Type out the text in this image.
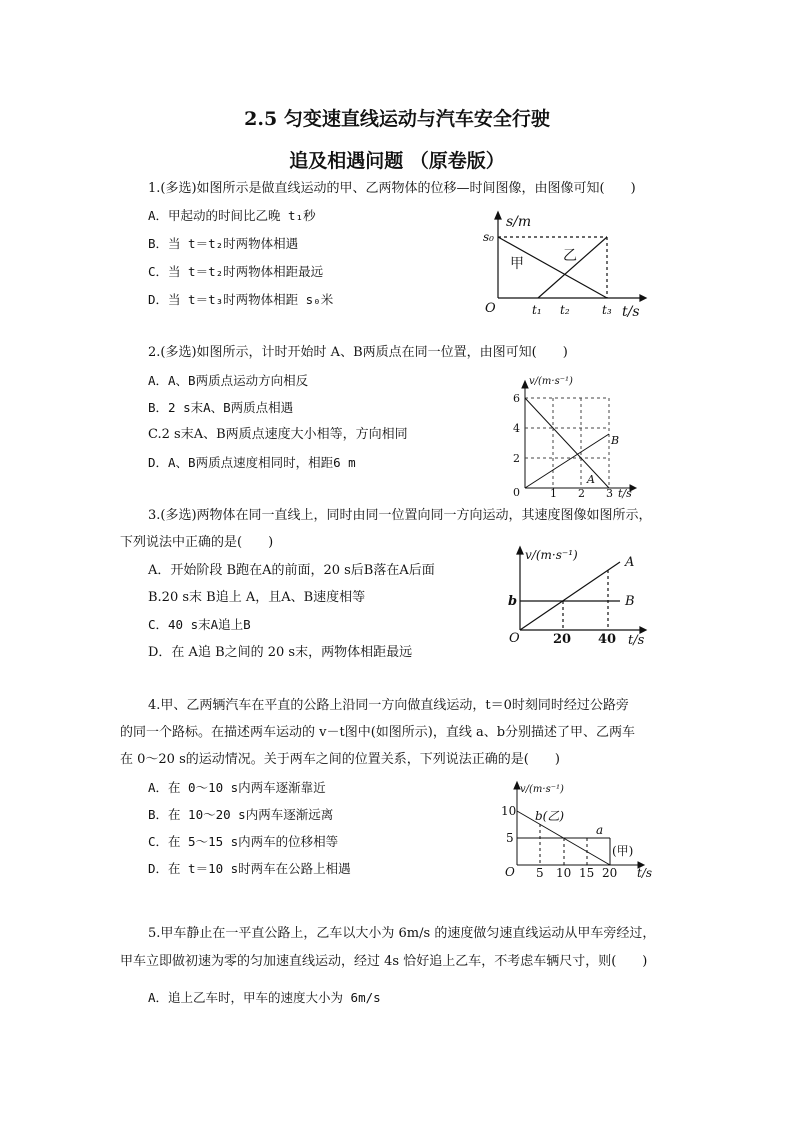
2.5 匀变速直线运动与汽车安全行驶
追及相遇问题 （原卷版）
1.(多选)如图所示是做直线运动的甲、乙两物体的位移—时间图像，由图像可知(　　)
A．甲起动的时间比乙晚 t₁秒
B．当 t＝t₂时两物体相遇
C．当 t＝t₂时两物体相距最远
D．当 t＝t₃时两物体相距 s₀米
s/m
s₀
O	t₁ t₂	t₃ t/s
甲	乙
2.(多选)如图所示，计时开始时 A、B两质点在同一位置，由图可知(　　)
A．A、B两质点运动方向相反
B．2 s末A、B两质点相遇
C.2 s末A、B两质点速度大小相等，方向相同
D．A、B两质点速度相同时，相距6 m
v/(m·s⁻¹)
6
4
2
0	1 2 3 t/s
A
B
3.(多选)两物体在同一直线上，同时由同一位置向同一方向运动，其速度图像如图所示，
下列说法中正确的是(　　)
A．开始阶段 B跑在A的前面，20 s后B落在A后面
B.20 s末 B追上 A，且A、B速度相等
C．40 s末A追上B
D．在 A追 B之间的 20 s末，两物体相距最远
v/(m·s⁻¹)
b
O	20 40 t/s
A
B
4.甲、乙两辆汽车在平直的公路上沿同一方向做直线运动，t＝0时刻同时经过公路旁
的同一个路标。在描述两车运动的 v－t图中(如图所示)，直线 a、b分别描述了甲、乙两车
在 0～20 s的运动情况。关于两车之间的位置关系，下列说法正确的是(　　)
A．在 0～10 s内两车逐渐靠近
B．在 10～20 s内两车逐渐远离
C．在 5～15 s内两车的位移相等
D．在 t＝10 s时两车在公路上相遇
v/(m·s⁻¹)
10
5
O 5 10 15 20 t/s
b(乙)
a
(甲)
5.甲车静止在一平直公路上，乙车以大小为 6m/s 的速度做匀速直线运动从甲车旁经过，
甲车立即做初速为零的匀加速直线运动，经过 4s 恰好追上乙车，不考虑车辆尺寸，则(　　)
A．追上乙车时，甲车的速度大小为 6m/s
